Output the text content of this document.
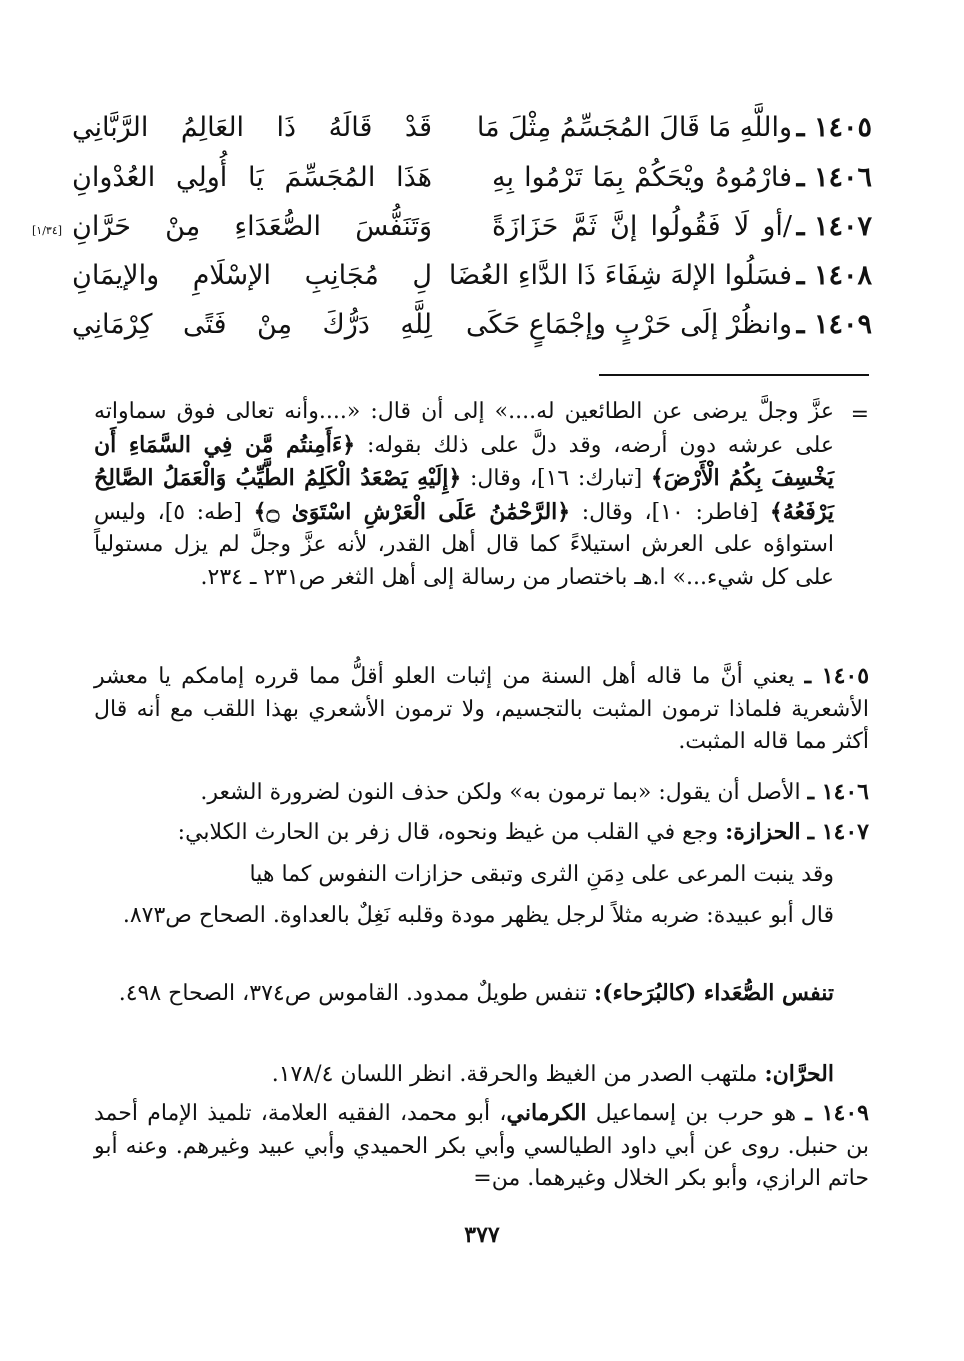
١٤٠٥ ـ
واللَّهِ مَا قَالَ المُجَسِّمُ مِثْلَ مَا
قَدْ قَالَهُ ذَا العَالِمُ الرَّبَّانِي
١٤٠٦ ـ
فارْمُوهُ ويْحَكُمْ بِمَا تَرْمُوا بِهِ
هَذَا المُجَسِّمَ يَا أُولِي العُدْوانِ
١٤٠٧ ـ
/أو لَا فَقُولُوا إنَّ ثَمَّ حَزَازَةً
وَتَنَفُّسَ الصُّعَدَاءِ مِنْ حَرَّانِ
[١/٣٤]
١٤٠٨ ـ
فسَلُوا الإلهَ شِفَاءَ ذَا الدَّاءِ العُضَا
لِ مُجَانِبِ الإسْلَامِ والإيمَانِ
١٤٠٩ ـ
وانظُرْ إلَى حَرْبٍ وإجْمَاعٍ حَكَى
لِلَّهِ دَرُّكَ مِنْ فَتًى كِرْمَانِي
=
عزَّ وجلَّ يرضى عن الطائعين له....» إلى أن قال: «....وأنه تعالى فوق سماواته على عرشه دون أرضه، وقد دلَّ على ذلك بقوله: ﴿ءَأَمِنتُم مَّن فِي السَّمَاءِ أَن يَخْسِفَ بِكُمُ الْأَرْضَ﴾ [تبارك: ١٦]، وقال: ﴿إِلَيْهِ يَصْعَدُ الْكَلِمُ الطَّيِّبُ وَالْعَمَلُ الصَّالِحُ يَرْفَعُهُ﴾ [فاطر: ١٠]، وقال: ﴿الرَّحْمَٰنُ عَلَى الْعَرْشِ اسْتَوَىٰ ۝﴾ [طه: ٥]، وليس استواؤه على العرش استيلاءً كما قال أهل القدر، لأنه عزَّ وجلَّ لم يزل مستولياً على كل شيء...» ا.هـ باختصار من رسالة إلى أهل الثغر ص٢٣١ ـ ٢٣٤.
١٤٠٥ ـ يعني أنَّ ما قاله أهل السنة من إثبات العلو أقلُّ مما قرره إمامكم يا معشر الأشعرية فلماذا ترمون المثبت بالتجسيم، ولا ترمون الأشعري بهذا اللقب مع أنه قال أكثر مما قاله المثبت.
١٤٠٦ ـ الأصل أن يقول: «بما ترمون به» ولكن حذف النون لضرورة الشعر.
١٤٠٧ ـ الحزازة: وجع في القلب من غيظ ونحوه، قال زفر بن الحارث الكلابي:
وقد ينبت المرعى على دِمَنِ الثرى وتبقى حزازات النفوس كما هيا
قال أبو عبيدة: ضربه مثلاً لرجل يظهر مودة وقلبه نَغِلٌ بالعداوة. الصحاح ص٨٧٣.
تنفس الصُّعَداء (كالبُرَحاء): تنفس طويلٌ ممدود. القاموس ص٣٧٤، الصحاح ٤٩٨.
الحرَّان: ملتهب الصدر من الغيظ والحرقة. انظر اللسان ١٧٨/٤.
١٤٠٩ ـ هو حرب بن إسماعيل الكرماني، أبو محمد، الفقيه العلامة، تلميذ الإمام أحمد بن حنبل. روى عن أبي داود الطيالسي وأبي بكر الحميدي وأبي عبيد وغيرهم. وعنه أبو حاتم الرازي، وأبو بكر الخلال وغيرهما. من=
٣٧٧
